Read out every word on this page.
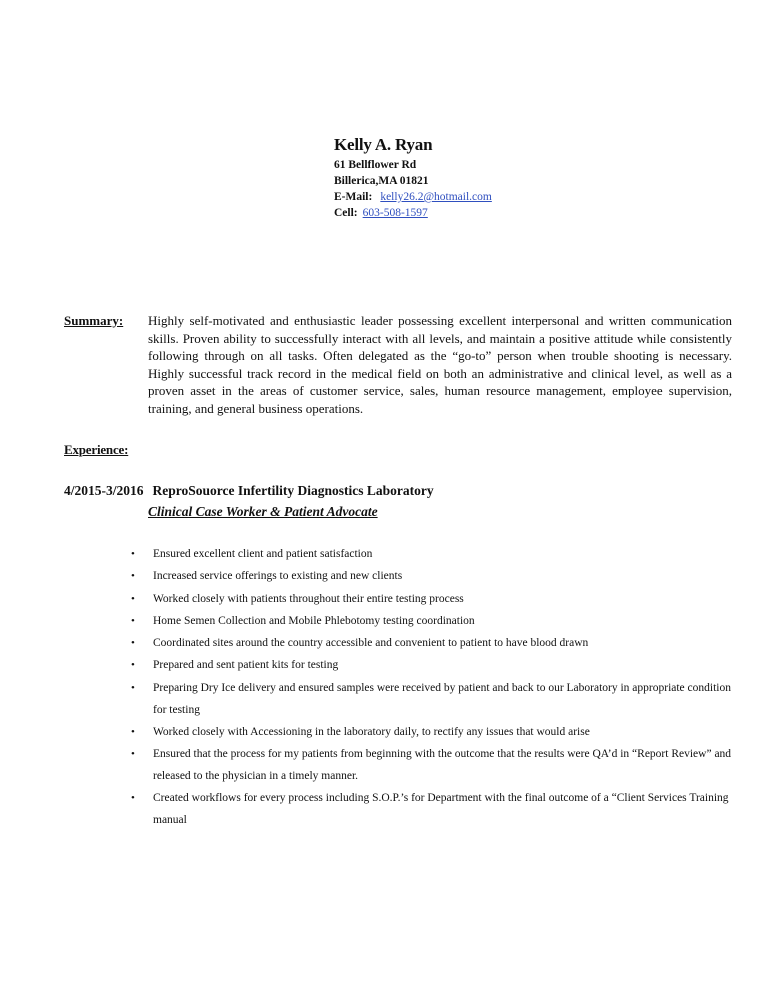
Kelly A. Ryan
61 Bellflower Rd
Billerica,MA 01821
E-Mail: kelly26.2@hotmail.com
Cell: 603-508-1597
Summary: Highly self-motivated and enthusiastic leader possessing excellent interpersonal and written communication skills. Proven ability to successfully interact with all levels, and maintain a positive attitude while consistently following through on all tasks. Often delegated as the “go-to” person when trouble shooting is necessary. Highly successful track record in the medical field on both an administrative and clinical level, as well as a proven asset in the areas of customer service, sales, human resource management, employee supervision, training, and general business operations.
Experience:
4/2015-3/2016 ReproSouorce Infertility Diagnostics Laboratory
Clinical Case Worker & Patient Advocate
• Ensured excellent client and patient satisfaction
• Increased service offerings to existing and new clients
• Worked closely with patients throughout their entire testing process
• Home Semen Collection and Mobile Phlebotomy testing coordination
• Coordinated sites around the country accessible and convenient to patient to have blood drawn
• Prepared and sent patient kits for testing
• Preparing Dry Ice delivery and ensured samples were received by patient and back to our Laboratory in appropriate condition for testing
• Worked closely with Accessioning in the laboratory daily, to rectify any issues that would arise
• Ensured that the process for my patients from beginning with the outcome that the results were QA’d in “Report Review” and released to the physician in a timely manner.
• Created workflows for every process including S.O.P.’s for Department with the final outcome of a “Client Services Training manual
